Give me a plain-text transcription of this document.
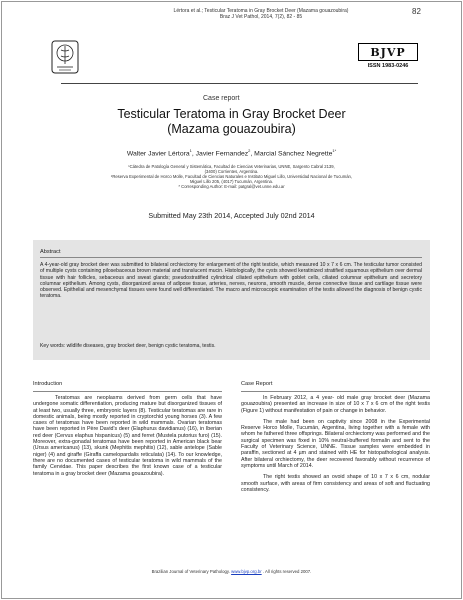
Lértora et al.; Testicular Teratoma in Gray Brocket Deer (Mazama gouazoubira)
Braz J Vet Pathol, 2014, 7(2), 82 - 85
82
BJVP
ISSN 1983-0246
Case report
Testicular Teratoma in Gray Brocket Deer (Mazama gouazoubira)
Walter Javier Lértora$^1$, Javier Fernandez$^2$, Marcial Sánchez Negrette$^{1*}$
¹Cátedra de Patología General y Sistemática, Facultad de Ciencias Veterinarias, UNNE, Sargento Cabral 2139,
(3400) Corrientes, Argentina.
²Reserva Experimental de Horco Molle, Facultad de Ciencias Naturales e Instituto Miguel Lillo, Universidad Nacional de Tucumán,
Miguel Lillo 205, (4017) Tucumán, Argentina.
* Corresponding Author: E-mail: patgral@vet.unne.edu.ar
Submitted May 23th 2014, Accepted July 02nd 2014
Abstract
A 4-year-old gray brocket deer was submitted to bilateral orchiectomy for enlargement of the right testicle, which measured 10 x 7 x 6 cm. The testicular tumor consisted of multiple cysts containing pilosebaceous brown material and translucent mucin. Histologically, the cysts showed keratinized stratified squamous epithelium over dermal tissue with hair follicles, sebaceous and sweat glands; pseudostratified cylindrical ciliated epithelium with goblet cells, ciliated columnar epithelium and secretory columnar epithelium. Among cysts, disorganized areas of adipose tissue, arteries, nerves, neurons, smooth muscle, dense connective tissue and cartilage tissue were observed. Epithelial and mesenchymal tissues were found well differentiated. The macro and microscopic examination of the testis allowed the diagnosis of benign cystic teratoma.
Key words: wildlife diseases, gray brocket deer, benign cystic teratoma, testis.
Introduction

Teratomas are neoplasms derived from germ cells that have undergone somatic differentiation, producing mature but disorganized tissues of at least two, usually three, embryonic layers (8). Testicular teratomas are rare in domestic animals, being mostly reported in cryptorchid young horses (3). A few cases of teratomas have been reported in wild mammals. Ovarian teratomas have been reported in Père David's deer (Elaphurus davidianus) (16), in Iberian red deer (Cervus elaphus hispanicus) (5) and ferret (Mustela putorius furo) (15). Moreover, extra-gonadal teratomas have been reported in American black bear (Ursus americanus) (13), skunk (Mephitis mephitis) (12), sable antelope (Sable niger) (4) and giraffe (Giraffa camelopardalis reticulata) (14). To our knowledge, there are no documented cases of testicular teratoma in wild mammals of the family Cervidae. This paper describes the first known case of a testicular teratoma in a gray brocket deer (Mazama gouazoubira).

Case Report

In February 2012, a 4 year- old male gray brocket deer (Mazama gouazoubira) presented an increase in size of 10 x 7 x 6 cm of the right testis (Figure 1) without manifestation of pain or change in behavior.

The male had been on captivity since 2008 in the Experimental Reserve Horco Molle, Tucumán, Argentina, living together with a female with whom he fathered three offsprings. Bilateral orchiectomy was performed and the surgical specimen was fixed in 10% neutral-buffered formalin and sent to the Faculty of Veterinary Science, UNNE. Tissue samples were embedded in paraffin, sectioned at 4 µm and stained with HE for histopathological analysis. After bilateral orchiectomy, the deer recovered favorably without recurrence of symptoms until March of 2014.

The right testis showed an ovoid shape of 10 x 7 x 6 cm, nodular smooth surface, with areas of firm consistency and areas of soft and fluctuating consistency.

Brazilian Journal of Veterinary Pathology. www.bjvp.org.br . All rights reserved 2007.
